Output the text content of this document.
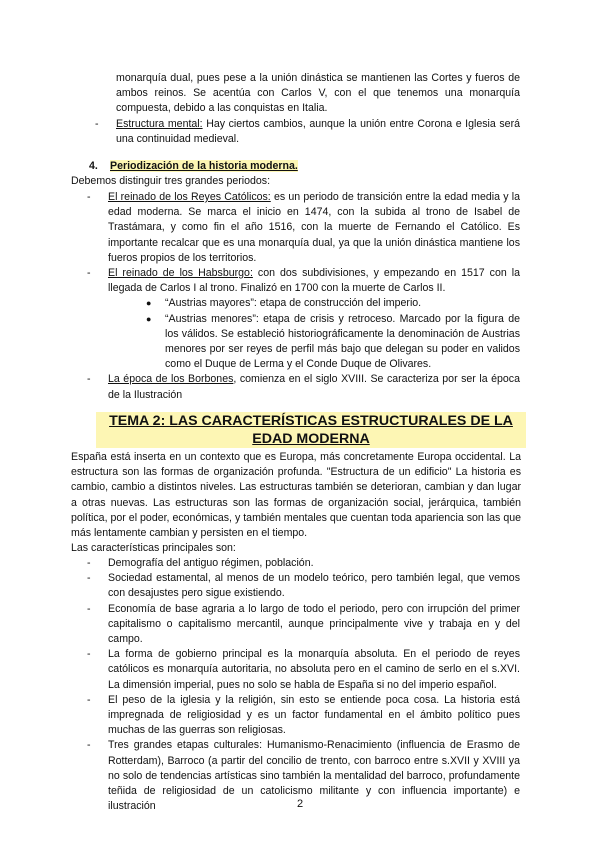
monarquía dual, pues pese a la unión dinástica se mantienen las Cortes y fueros de ambos reinos. Se acentúa con Carlos V, con el que tenemos una monarquía compuesta, debido a las conquistas en Italia.
- Estructura mental: Hay ciertos cambios, aunque la unión entre Corona e Iglesia será una continuidad medieval.
4. Periodización de la historia moderna.
Debemos distinguir tres grandes periodos:
- El reinado de los Reyes Católicos: es un periodo de transición entre la edad media y la edad moderna. Se marca el inicio en 1474, con la subida al trono de Isabel de Trastámara, y como fin el año 1516, con la muerte de Fernando el Católico. Es importante recalcar que es una monarquía dual, ya que la unión dinástica mantiene los fueros propios de los territorios.
- El reinado de los Habsburgo: con dos subdivisiones, y empezando en 1517 con la llegada de Carlos I al trono. Finalizó en 1700 con la muerte de Carlos II.
● “Austrias mayores”: etapa de construcción del imperio.
● “Austrias menores”: etapa de crisis y retroceso. Marcado por la figura de los válidos. Se estableció historiográficamente la denominación de Austrias menores por ser reyes de perfil más bajo que delegan su poder en validos como el Duque de Lerma y el Conde Duque de Olivares.
- La época de los Borbones, comienza en el siglo XVIII. Se caracteriza por ser la época de la Ilustración
TEMA 2: LAS CARACTERÍSTICAS ESTRUCTURALES DE LA EDAD MODERNA
España está inserta en un contexto que es Europa, más concretamente Europa occidental. La estructura son las formas de organización profunda. "Estructura de un edificio" La historia es cambio, cambio a distintos niveles. Las estructuras también se deterioran, cambian y dan lugar a otras nuevas. Las estructuras son las formas de organización social, jerárquica, también política, por el poder, económicas, y también mentales que cuentan toda apariencia son las que más lentamente cambian y persisten en el tiempo.
Las características principales son:
- Demografía del antiguo régimen, población.
- Sociedad estamental, al menos de un modelo teórico, pero también legal, que vemos con desajustes pero sigue existiendo.
- Economía de base agraria a lo largo de todo el periodo, pero con irrupción del primer capitalismo o capitalismo mercantil, aunque principalmente vive y trabaja en y del campo.
- La forma de gobierno principal es la monarquía absoluta. En el periodo de reyes católicos es monarquía autoritaria, no absoluta pero en el camino de serlo en el s.XVI. La dimensión imperial, pues no solo se habla de España si no del imperio español.
- El peso de la iglesia y la religión, sin esto se entiende poca cosa. La historia está impregnada de religiosidad y es un factor fundamental en el ámbito político pues muchas de las guerras son religiosas.
- Tres grandes etapas culturales: Humanismo-Renacimiento (influencia de Erasmo de Rotterdam), Barroco (a partir del concilio de trento, con barroco entre s.XVII y XVIII ya no solo de tendencias artísticas sino también la mentalidad del barroco, profundamente teñida de religiosidad de un catolicismo militante y con influencia importante) e ilustración	2
